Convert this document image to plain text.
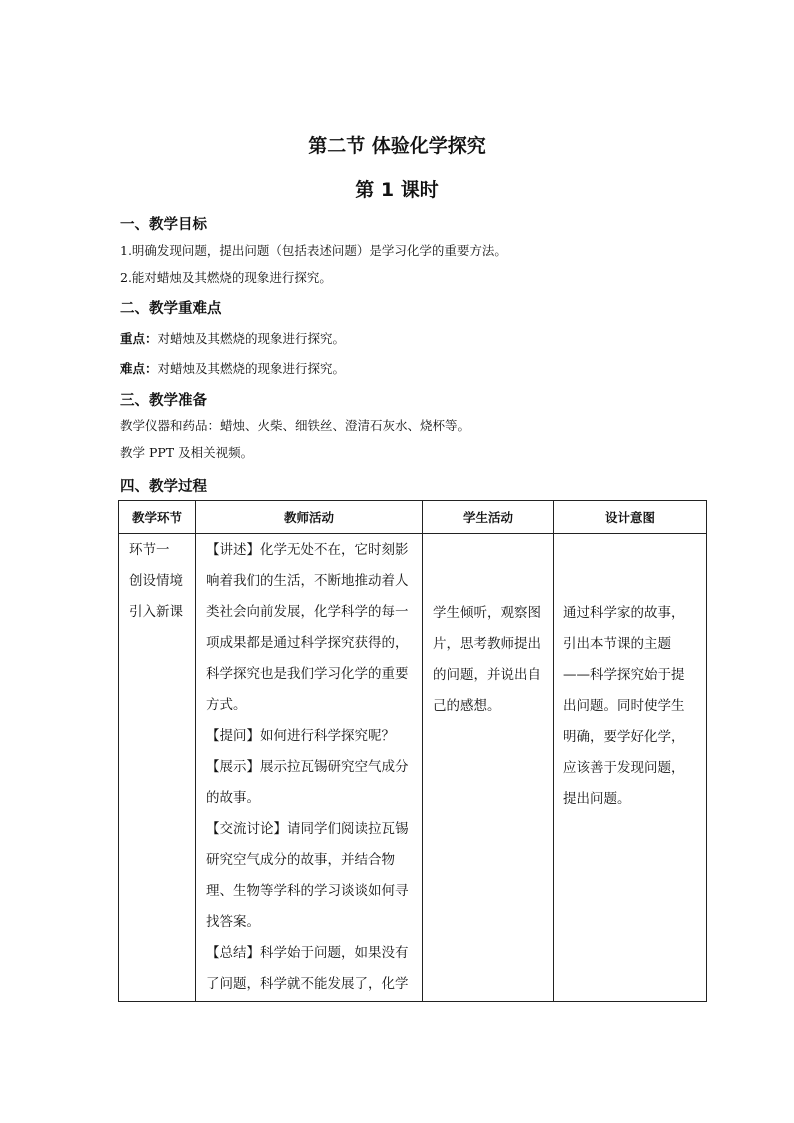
第二节 体验化学探究
第 1 课时
一、教学目标
1.明确发现问题，提出问题（包括表述问题）是学习化学的重要方法。
2.能对蜡烛及其燃烧的现象进行探究。
二、教学重难点
重点：对蜡烛及其燃烧的现象进行探究。
难点：对蜡烛及其燃烧的现象进行探究。
三、教学准备
教学仪器和药品：蜡烛、火柴、细铁丝、澄清石灰水、烧杯等。
教学 PPT 及相关视频。
四、教学过程
教学环节	教师活动	学生活动	设计意图

环节一
创设情境
引入新课	【讲述】化学无处不在，它时刻影响着我们的生活，不断地推动着人类社会向前发展，化学科学的每一项成果都是通过科学探究获得的，科学探究也是我们学习化学的重要方式。
【提问】如何进行科学探究呢？
【展示】展示拉瓦锡研究空气成分的故事。
【交流讨论】请同学们阅读拉瓦锡研究空气成分的故事，并结合物理、生物等学科的学习谈谈如何寻找答案。
【总结】科学始于问题，如果没有了问题，科学就不能发展了，化学	学生倾听，观察图片，思考教师提出的问题，并说出自己的感想。	通过科学家的故事，引出本节课的主题——科学探究始于提出问题。同时使学生明确，要学好化学，应该善于发现问题，提出问题。
